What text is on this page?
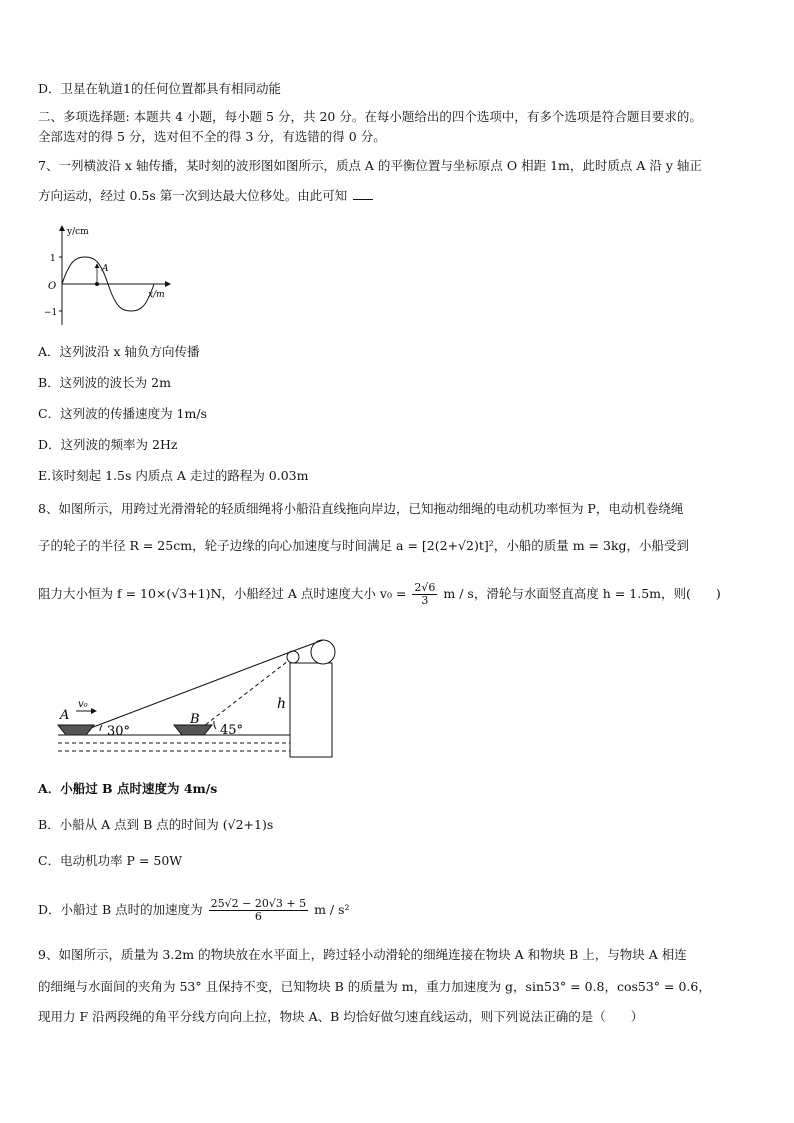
D．卫星在轨道1的任何位置都具有相同动能
二、多项选择题: 本题共 4 小题，每小题 5 分，共 20 分。在每小题给出的四个选项中，有多个选项是符合题目要求的。
全部选对的得 5 分，选对但不全的得 3 分，有选错的得 0 分。
7、一列横波沿 x 轴传播，某时刻的波形图如图所示，质点 A 的平衡位置与坐标原点 O 相距 1m，此时质点 A 沿 y 轴正
方向运动，经过 0.5s 第一次到达最大位移处。由此可知
y/cm
x/m
O
1
−1
A
A．这列波沿 x 轴负方向传播
B．这列波的波长为 2m
C．这列波的传播速度为 1m/s
D．这列波的频率为 2Hz
E.该时刻起 1.5s 内质点 A 走过的路程为 0.03m
8、如图所示，用跨过光滑滑轮的轻质细绳将小船沿直线拖向岸边，已知拖动细绳的电动机功率恒为 P，电动机卷绕绳
子的轮子的半径 R = 25cm，轮子边缘的向心加速度与时间满足 a = [2(2+√2)t]²，小船的质量 m = 3kg，小船受到
阻力大小恒为 f = 10×(√3+1)N，小船经过 A 点时速度大小 $v_0 = \frac{2√6}{3}$ m / s，滑轮与水面竖直高度 h = 1.5m，则(　　)
A
v₀
30°
B
45°
h
A．小船过 B 点时速度为 4m/s
B．小船从 A 点到 B 点的时间为 (√2+1)s
C．电动机功率 P = 50W
D．小船过 B 点时的加速度为 $\frac{25√2 - 20√3 + 5}{6}$ m / s²
9、如图所示，质量为 3.2m 的物块放在水平面上，跨过轻小动滑轮的细绳连接在物块 A 和物块 B 上，与物块 A 相连
的细绳与水面间的夹角为 53° 且保持不变，已知物块 B 的质量为 m，重力加速度为 g，sin53° = 0.8，cos53° = 0.6，
现用力 F 沿两段绳的角平分线方向向上拉，物块 A、B 均恰好做匀速直线运动，则下列说法正确的是（　　）
